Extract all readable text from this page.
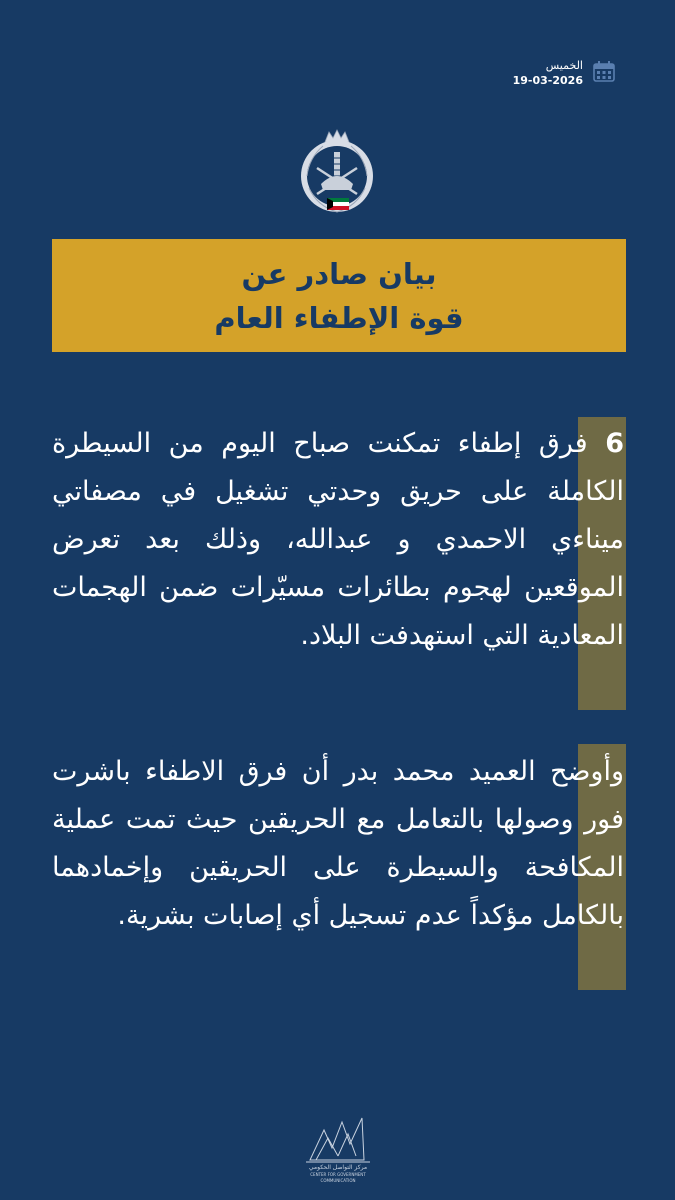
الخميس
19-03-2026
بيان صادر عن
قوة الإطفاء العام
6 فرق إطفاء تمكنت صباح اليوم من السيطرة الكاملة على حريق وحدتي تشغيل في مصفاتي ميناءي الاحمدي و عبدالله، وذلك بعد تعرض الموقعين لهجوم بطائرات مسيّرات ضمن الهجمات المعادية التي استهدفت البلاد.
وأوضح العميد محمد بدر أن فرق الاطفاء باشرت فور وصولها بالتعامل مع الحريقين حيث تمت عملية المكافحة والسيطرة على الحريقين وإخمادهما بالكامل مؤكداً عدم تسجيل أي إصابات بشرية.
مركز التواصل الحكومي
CENTER FOR GOVERNMENT COMMUNICATION
